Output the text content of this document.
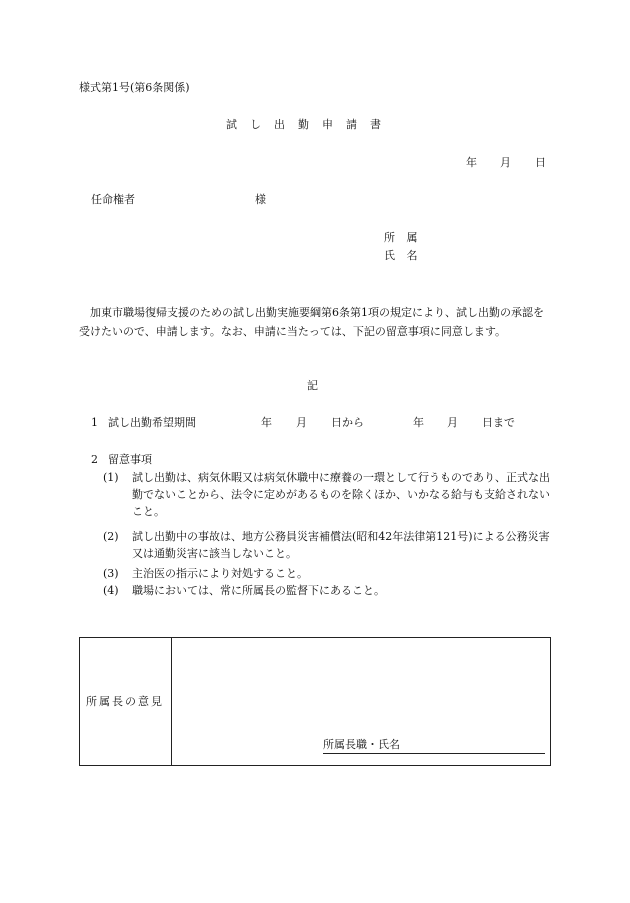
様式第1号(第6条関係)
試 し 出 勤 申 請 書
年 月 日
任命権者	様
所 属
氏 名
加東市職場復帰支援のための試し出勤実施要綱第6条第1項の規定により、試し出勤の承認を受けたいので、申請します。なお、申請に当たっては、下記の留意事項に同意します。
記
1 試し出勤希望期間	年 月 日から	年 月 日まで
2 留意事項
(1) 試し出勤は、病気休暇又は病気休職中に療養の一環として行うものであり、正式な出勤でないことから、法令に定めがあるものを除くほか、いかなる給与も支給されないこと。
(2) 試し出勤中の事故は、地方公務員災害補償法(昭和42年法律第121号)による公務災害又は通勤災害に該当しないこと。
(3) 主治医の指示により対処すること。
(4) 職場においては、常に所属長の監督下にあること。
所属長の意見
所属長職・氏名
